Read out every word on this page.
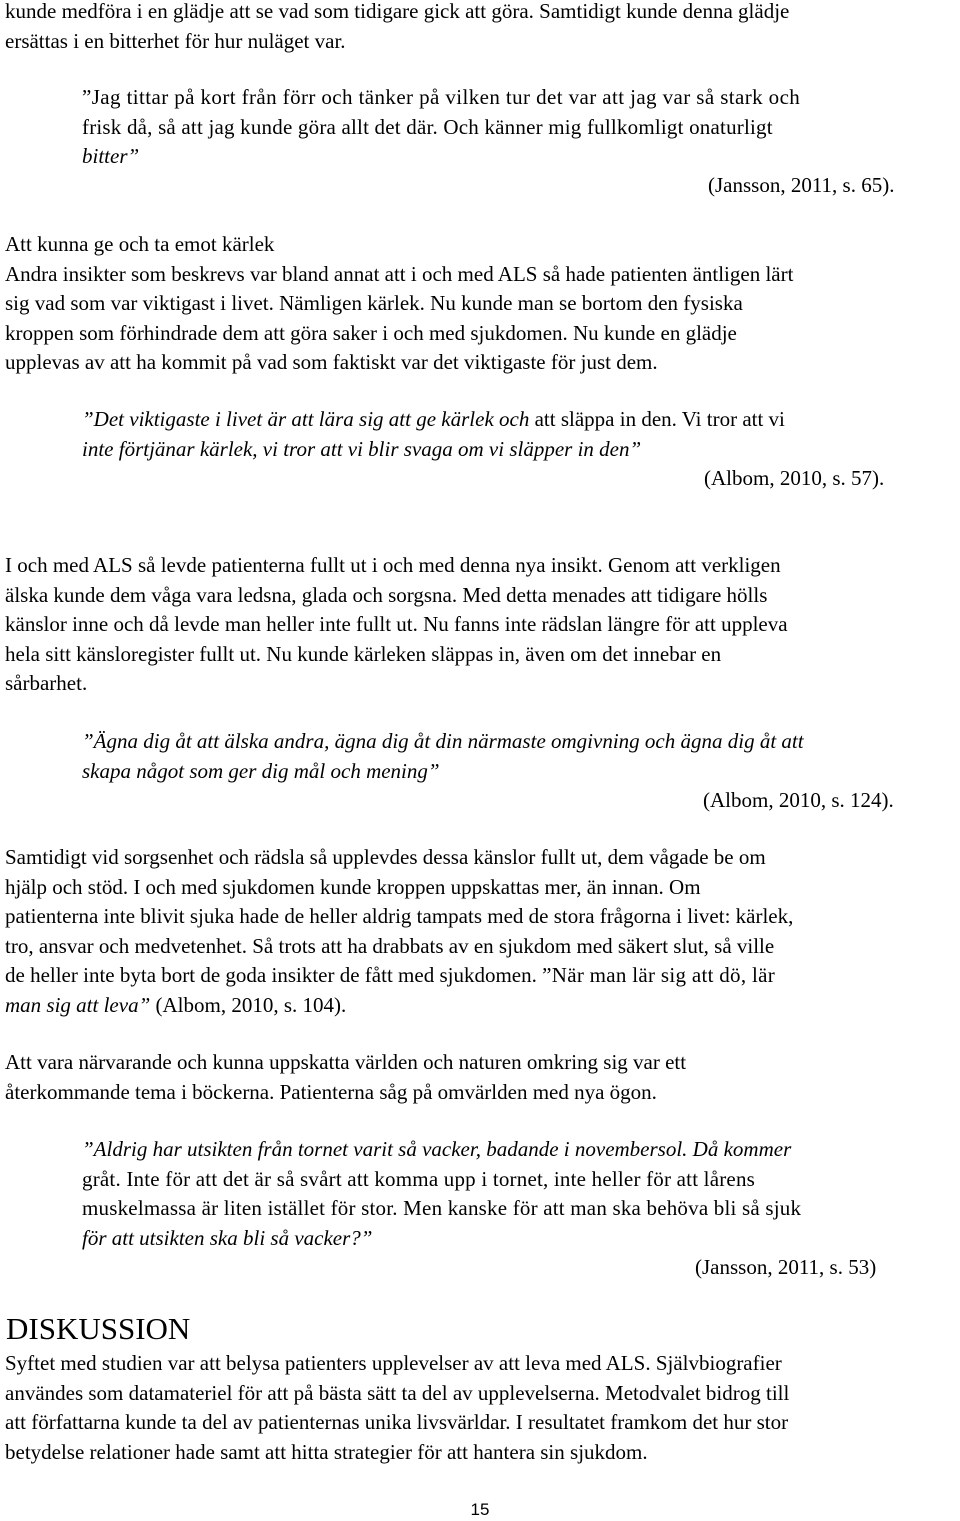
kunde medföra i en glädje att se vad som tidigare gick att göra. Samtidigt kunde denna glädje
ersättas i en bitterhet för hur nuläget var.
”Jag tittar på kort från förr och tänker på vilken tur det var att jag var så stark och
frisk då, så att jag kunde göra allt det där. Och känner mig fullkomligt onaturligt
bitter”
(Jansson, 2011, s. 65).
Att kunna ge och ta emot kärlek
Andra insikter som beskrevs var bland annat att i och med ALS så hade patienten äntligen lärt
sig vad som var viktigast i livet. Nämligen kärlek. Nu kunde man se bortom den fysiska
kroppen som förhindrade dem att göra saker i och med sjukdomen. Nu kunde en glädje
upplevas av att ha kommit på vad som faktiskt var det viktigaste för just dem.
”Det viktigaste i livet är att lära sig att ge kärlek och att släppa in den. Vi tror att vi
inte förtjänar kärlek, vi tror att vi blir svaga om vi släpper in den”
(Albom, 2010, s. 57).
I och med ALS så levde patienterna fullt ut i och med denna nya insikt. Genom att verkligen
älska kunde dem våga vara ledsna, glada och sorgsna. Med detta menades att tidigare hölls
känslor inne och då levde man heller inte fullt ut. Nu fanns inte rädslan längre för att uppleva
hela sitt känsloregister fullt ut. Nu kunde kärleken släppas in, även om det innebar en
sårbarhet.
”Ägna dig åt att älska andra, ägna dig åt din närmaste omgivning och ägna dig åt att
skapa något som ger dig mål och mening”
(Albom, 2010, s. 124).
Samtidigt vid sorgsenhet och rädsla så upplevdes dessa känslor fullt ut, dem vågade be om
hjälp och stöd. I och med sjukdomen kunde kroppen uppskattas mer, än innan. Om
patienterna inte blivit sjuka hade de heller aldrig tampats med de stora frågorna i livet: kärlek,
tro, ansvar och medvetenhet. Så trots att ha drabbats av en sjukdom med säkert slut, så ville
de heller inte byta bort de goda insikter de fått med sjukdomen. ”När man lär sig att dö, lär
man sig att leva” (Albom, 2010, s. 104).
Att vara närvarande och kunna uppskatta världen och naturen omkring sig var ett
återkommande tema i böckerna. Patienterna såg på omvärlden med nya ögon.
”Aldrig har utsikten från tornet varit så vacker, badande i novembersol. Då kommer
gråt. Inte för att det är så svårt att komma upp i tornet, inte heller för att lårens
muskelmassa är liten istället för stor. Men kanske för att man ska behöva bli så sjuk
för att utsikten ska bli så vacker?”
(Jansson, 2011, s. 53)
DISKUSSION
Syftet med studien var att belysa patienters upplevelser av att leva med ALS. Självbiografier
användes som datamateriel för att på bästa sätt ta del av upplevelserna. Metodvalet bidrog till
att författarna kunde ta del av patienternas unika livsvärldar. I resultatet framkom det hur stor
betydelse relationer hade samt att hitta strategier för att hantera sin sjukdom.
15
